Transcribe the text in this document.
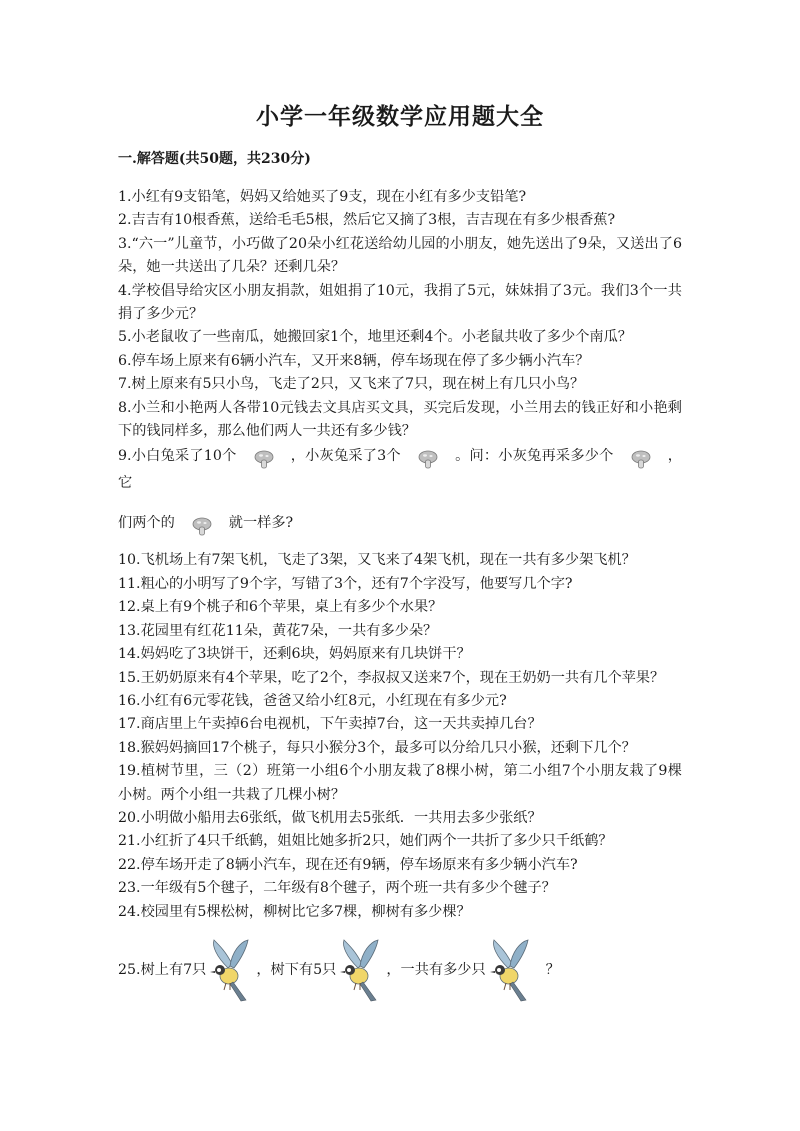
小学一年级数学应用题大全
一.解答题(共50题，共230分)

1.小红有9支铅笔，妈妈又给她买了9支，现在小红有多少支铅笔?

2.吉吉有10根香蕉，送给毛毛5根，然后它又摘了3根，吉吉现在有多少根香蕉?

3.“六一”儿童节，小巧做了20朵小红花送给幼儿园的小朋友，她先送出了9朵，又送出了6朵，她一共送出了几朵？还剩几朵？

4.学校倡导给灾区小朋友捐款，姐姐捐了10元，我捐了5元，妹妹捐了3元。我们3个一共捐了多少元？

5.小老鼠收了一些南瓜，她搬回家1个，地里还剩4个。小老鼠共收了多少个南瓜？

6.停车场上原来有6辆小汽车，又开来8辆，停车场现在停了多少辆小汽车？

7.树上原来有5只小鸟，飞走了2只，又飞来了7只，现在树上有几只小鸟？

8.小兰和小艳两人各带10元钱去文具店买文具，买完后发现，小兰用去的钱正好和小艳剩下的钱同样多，那么他们两人一共还有多少钱？

9.小白兔采了10个	，小灰兔采了3个	。问：小灰兔再采多少个	，它
们两个的	就一样多?

10.飞机场上有7架飞机，飞走了3架，又飞来了4架飞机，现在一共有多少架飞机？

11.粗心的小明写了9个字，写错了3个，还有7个字没写，他要写几个字?

12.桌上有9个桃子和6个苹果，桌上有多少个水果？

13.花园里有红花11朵，黄花7朵，一共有多少朵？

14.妈妈吃了3块饼干，还剩6块，妈妈原来有几块饼干？

15.王奶奶原来有4个苹果，吃了2个，李叔叔又送来7个，现在王奶奶一共有几个苹果？

16.小红有6元零花钱，爸爸又给小红8元，小红现在有多少元?

17.商店里上午卖掉6台电视机，下午卖掉7台，这一天共卖掉几台？

18.猴妈妈摘回17个桃子，每只小猴分3个，最多可以分给几只小猴，还剩下几个？

19.植树节里，三（2）班第一小组6个小朋友栽了8棵小树，第二小组7个小朋友栽了9棵小树。两个小组一共栽了几棵小树？

20.小明做小船用去6张纸，做飞机用去5张纸．一共用去多少张纸？

21.小红折了4只千纸鹤，姐姐比她多折2只，她们两个一共折了多少只千纸鹤？

22.停车场开走了8辆小汽车，现在还有9辆，停车场原来有多少辆小汽车?

23.一年级有5个毽子，二年级有8个毽子，两个班一共有多少个毽子？

24.校园里有5棵松树，柳树比它多7棵，柳树有多少棵？

25.树上有7只	，树下有5只	，一共有多少只	？
